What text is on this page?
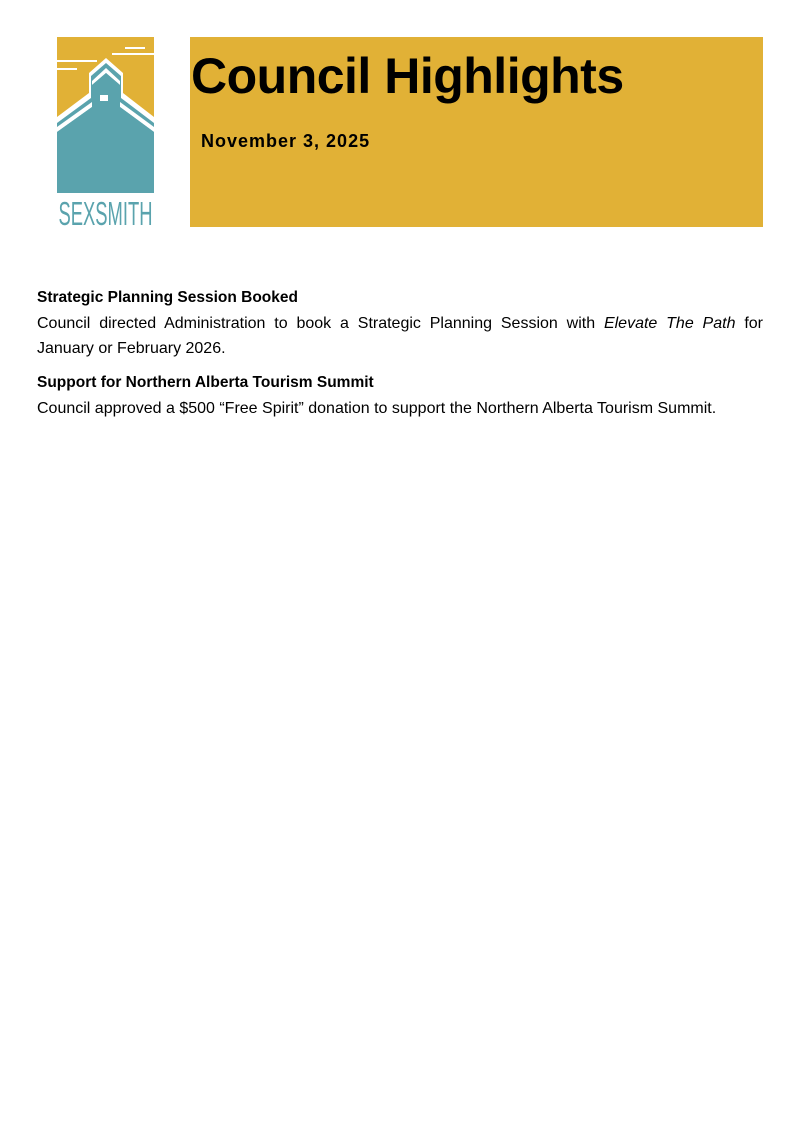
SEXSMITH
Council Highlights
November 3, 2025
Strategic Planning Session Booked

Council directed Administration to book a Strategic Planning Session with Elevate The Path for January or February 2026.

Support for Northern Alberta Tourism Summit

Council approved a $500 “Free Spirit” donation to support the Northern Alberta Tourism Summit.
